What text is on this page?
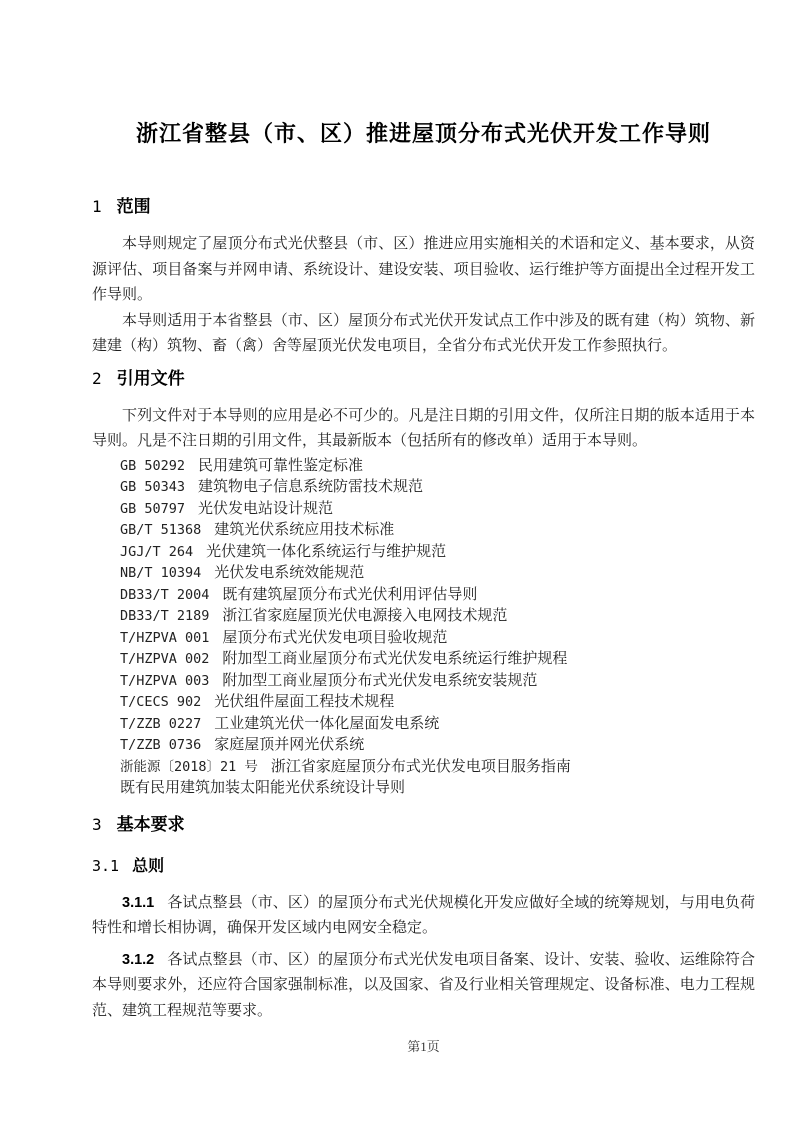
浙江省整县（市、区）推进屋顶分布式光伏开发工作导则
1 范围

本导则规定了屋顶分布式光伏整县（市、区）推进应用实施相关的术语和定义、基本要求，从资源评估、项目备案与并网申请、系统设计、建设安装、项目验收、运行维护等方面提出全过程开发工作导则。

本导则适用于本省整县（市、区）屋顶分布式光伏开发试点工作中涉及的既有建（构）筑物、新建建（构）筑物、畜（禽）舍等屋顶光伏发电项目，全省分布式光伏开发工作参照执行。

2 引用文件

下列文件对于本导则的应用是必不可少的。凡是注日期的引用文件，仅所注日期的版本适用于本导则。凡是不注日期的引用文件，其最新版本（包括所有的修改单）适用于本导则。

GB 50292 民用建筑可靠性鉴定标准
GB 50343 建筑物电子信息系统防雷技术规范
GB 50797 光伏发电站设计规范
GB/T 51368 建筑光伏系统应用技术标准
JGJ/T 264 光伏建筑一体化系统运行与维护规范
NB/T 10394 光伏发电系统效能规范
DB33/T 2004 既有建筑屋顶分布式光伏利用评估导则
DB33/T 2189 浙江省家庭屋顶光伏电源接入电网技术规范
T/HZPVA 001 屋顶分布式光伏发电项目验收规范
T/HZPVA 002 附加型工商业屋顶分布式光伏发电系统运行维护规程
T/HZPVA 003 附加型工商业屋顶分布式光伏发电系统安装规范
T/CECS 902 光伏组件屋面工程技术规程
T/ZZB 0227 工业建筑光伏一体化屋面发电系统
T/ZZB 0736 家庭屋顶并网光伏系统
浙能源〔2018〕21 号 浙江省家庭屋顶分布式光伏发电项目服务指南
既有民用建筑加装太阳能光伏系统设计导则
3 基本要求
3.1 总则

3.1.1 各试点整县（市、区）的屋顶分布式光伏规模化开发应做好全域的统筹规划，与用电负荷特性和增长相协调，确保开发区域内电网安全稳定。

3.1.2 各试点整县（市、区）的屋顶分布式光伏发电项目备案、设计、安装、验收、运维除符合本导则要求外，还应符合国家强制标准，以及国家、省及行业相关管理规定、设备标准、电力工程规范、建筑工程规范等要求。

第1页
